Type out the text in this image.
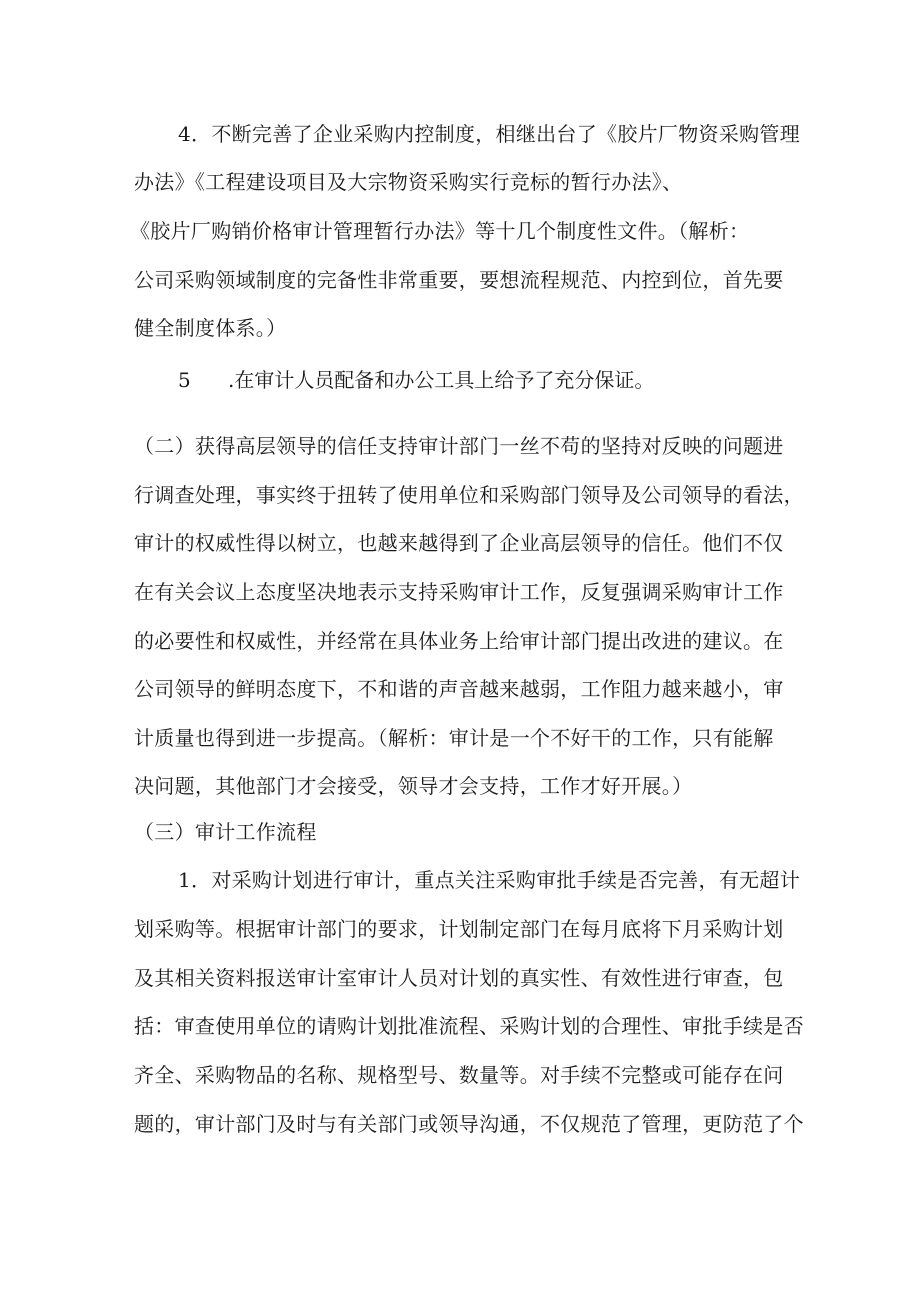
4．不断完善了企业采购内控制度，相继出台了《胶片厂物资采购管理
办法》《工程建设项目及大宗物资采购实行竞标的暂行办法》、
《胶片厂购销价格审计管理暂行办法》等十几个制度性文件。（解析：
公司采购领域制度的完备性非常重要，要想流程规范、内控到位，首先要
健全制度体系。）
5 .在审计人员配备和办公工具上给予了充分保证。
（二）获得高层领导的信任支持审计部门一丝不苟的坚持对反映的问题进
行调查处理，事实终于扭转了使用单位和采购部门领导及公司领导的看法，
审计的权威性得以树立，也越来越得到了企业高层领导的信任。他们不仅
在有关会议上态度坚决地表示支持采购审计工作，反复强调采购审计工作
的必要性和权威性，并经常在具体业务上给审计部门提出改进的建议。在
公司领导的鲜明态度下，不和谐的声音越来越弱，工作阻力越来越小，审
计质量也得到进一步提高。（解析：审计是一个不好干的工作，只有能解
决问题，其他部门才会接受，领导才会支持，工作才好开展。）
（三）审计工作流程
1．对采购计划进行审计，重点关注采购审批手续是否完善，有无超计
划采购等。根据审计部门的要求，计划制定部门在每月底将下月采购计划
及其相关资料报送审计室审计人员对计划的真实性、有效性进行审查，包
括：审查使用单位的请购计划批准流程、采购计划的合理性、审批手续是否
齐全、采购物品的名称、规格型号、数量等。对手续不完整或可能存在问
题的，审计部门及时与有关部门或领导沟通，不仅规范了管理，更防范了个
